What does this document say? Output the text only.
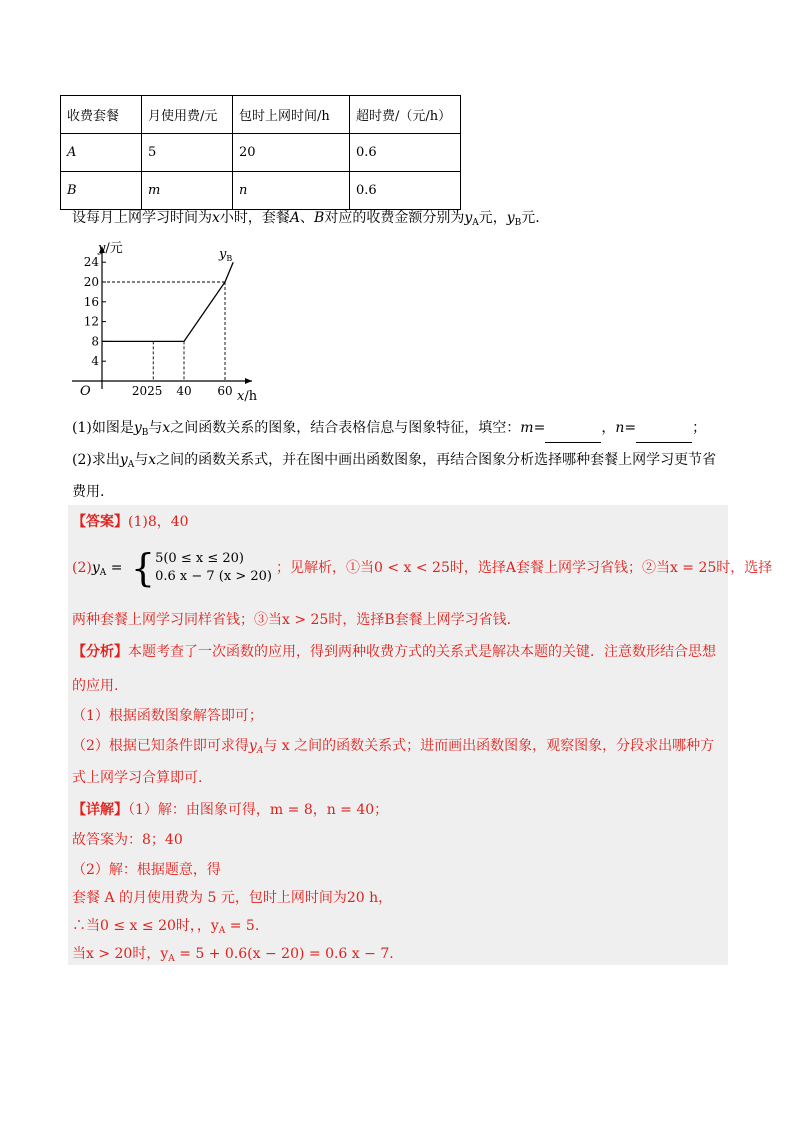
收费套餐	月使用费/元	包时上网时间/h	超时费/（元/h）
A	5	20	0.6
B	m	n	0.6
设每月上网学习时间为x小时，套餐A、B对应的收费金额分别为$y_A$元，$y_B$元.
y/元
x/h
O
$y_B$
24
20
16
12
8
4
2025 40 60
(1)如图是$y_B$与x之间函数关系的图象，结合表格信息与图象特征，填空：m=	，n=	；
(2)求出$y_A$与x之间的函数关系式，并在图中画出函数图象，再结合图象分析选择哪种套餐上网学习更节省
费用.
【答案】(1)8，40
$(2)y_A$ = { 5(0 ≤ x ≤ 20)
0.6 x − 7 (x > 20)
；见解析，①当0 < x < 25时，选择A套餐上网学习省钱；②当x = 25时，选择
两种套餐上网学习同样省钱；③当x > 25时，选择B套餐上网学习省钱.
【分析】本题考查了一次函数的应用，得到两种收费方式的关系式是解决本题的关键．注意数形结合思想
的应用.
（1）根据函数图象解答即可；
（2）根据已知条件即可求得$y_A$与 x 之间的函数关系式；进而画出函数图象，观察图象，分段求出哪种方
式上网学习合算即可.
【详解】（1）解：由图象可得，m = 8，n = 40；
故答案为：8；40
（2）解：根据题意，得
套餐 A 的月使用费为 5 元，包时上网时间为20 h，
∴当0 ≤ x ≤ 20时，，$y_A = 5$.
当x > 20时，$y_A = 5 + 0.6(x - 20) = 0.6$ x − 7.
